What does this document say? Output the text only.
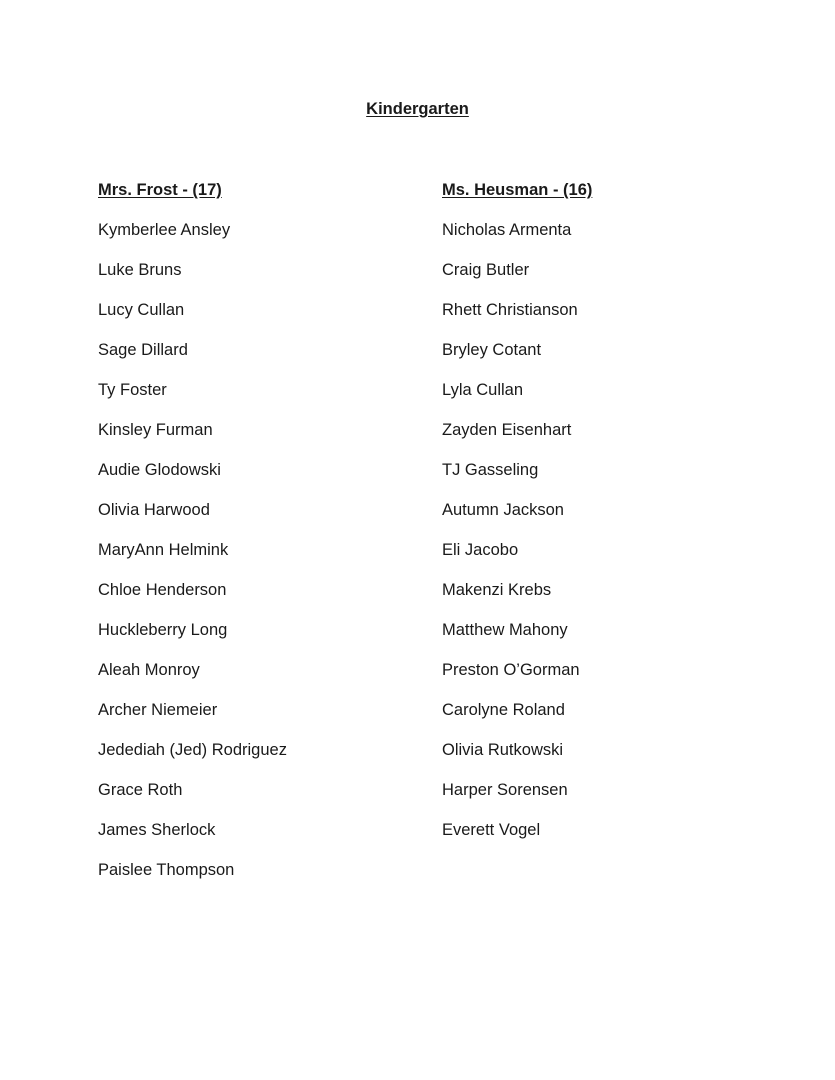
Kindergarten
Mrs. Frost - (17)
Kymberlee Ansley
Luke Bruns
Lucy Cullan
Sage Dillard
Ty Foster
Kinsley Furman
Audie Glodowski
Olivia Harwood
MaryAnn Helmink
Chloe Henderson
Huckleberry Long
Aleah Monroy
Archer Niemeier
Jedediah (Jed) Rodriguez
Grace Roth
James Sherlock
Paislee Thompson
Ms. Heusman - (16)
Nicholas Armenta
Craig Butler
Rhett Christianson
Bryley Cotant
Lyla Cullan
Zayden Eisenhart
TJ Gasseling
Autumn Jackson
Eli Jacobo
Makenzi Krebs
Matthew Mahony
Preston O’Gorman
Carolyne Roland
Olivia Rutkowski
Harper Sorensen
Everett Vogel
